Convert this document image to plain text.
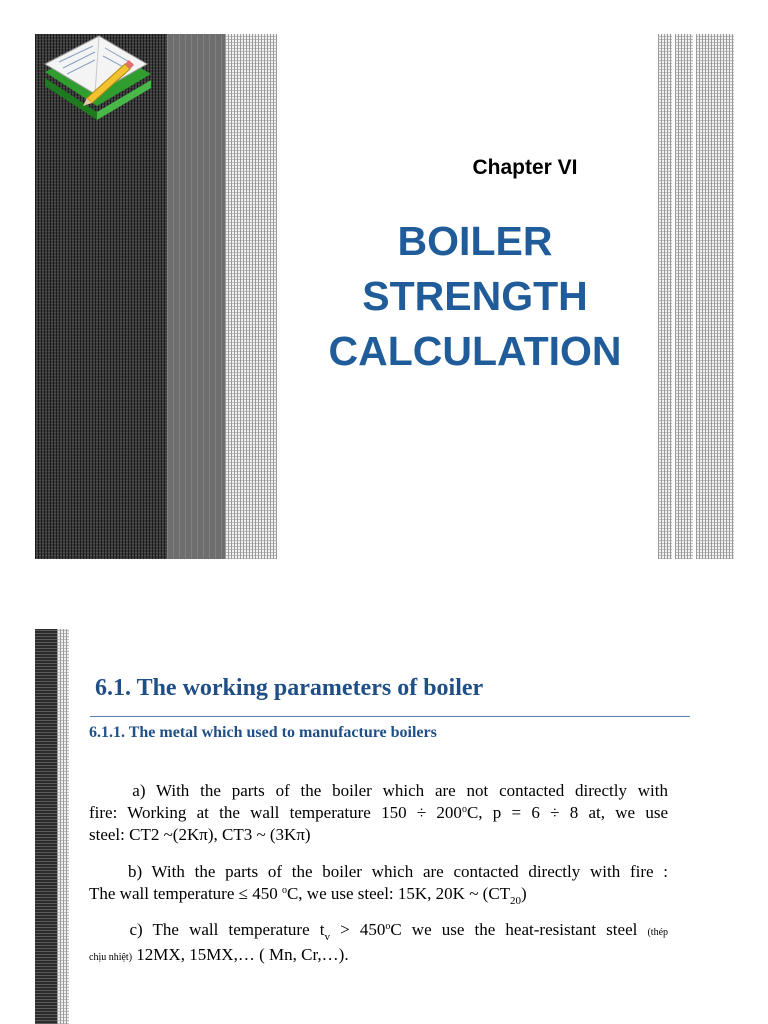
Chapter VI
BOILER
STRENGTH
CALCULATION
6.1. The working parameters of boiler
6.1.1. The metal which used to manufacture boilers
a) With the parts of the boiler which are not contacted directly with
fire: Working at the wall temperature $150 \div 200^oC$, p = 6 ÷ 8 at, we use
steel: CT2 ~(2Kπ), CT3 ~ (3Kπ)
b) With the parts of the boiler which are contacted directly with fire :
The wall temperature ≤ 450 $^o$C, we use steel: 15K, 20K ~ $(CT_{20})$
c) The wall temperature $t_v > 450^oC$ we use the heat-resistant steel (thép
chịu nhiệt) 12MX, 15MX,… ( Mn, Cr,…).
